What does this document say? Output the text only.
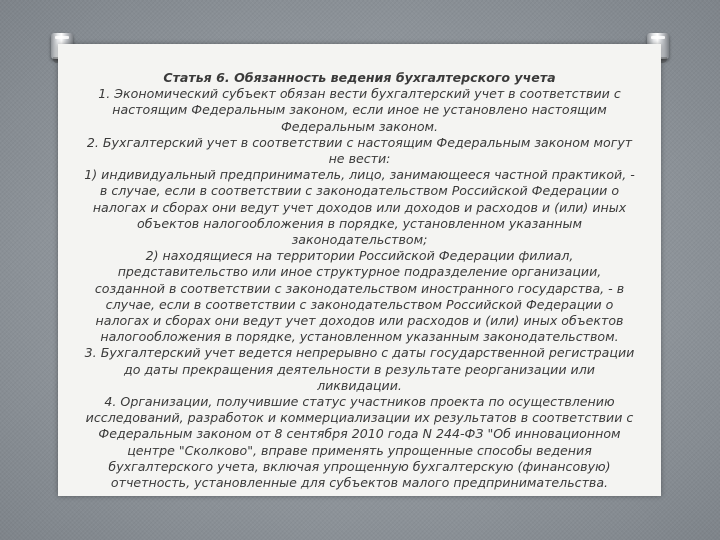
Статья 6. Обязанность ведения бухгалтерского учета

1. Экономический субъект обязан вести бухгалтерский учет в соответствии с настоящим Федеральным законом, если иное не установлено настоящим Федеральным законом.

2. Бухгалтерский учет в соответствии с настоящим Федеральным законом могут не вести:

1) индивидуальный предприниматель, лицо, занимающееся частной практикой, - в случае, если в соответствии с законодательством Российской Федерации о налогах и сборах они ведут учет доходов или доходов и расходов и (или) иных объектов налогообложения в порядке, установленном указанным законодательством;

2) находящиеся на территории Российской Федерации филиал, представительство или иное структурное подразделение организации, созданной в соответствии с законодательством иностранного государства, - в случае, если в соответствии с законодательством Российской Федерации о налогах и сборах они ведут учет доходов или расходов и (или) иных объектов налогообложения в порядке, установленном указанным законодательством.

3. Бухгалтерский учет ведется непрерывно с даты государственной регистрации до даты прекращения деятельности в результате реорганизации или ликвидации.

4. Организации, получившие статус участников проекта по осуществлению исследований, разработок и коммерциализации их результатов в соответствии с Федеральным законом от 8 сентября 2010 года N 244-ФЗ "Об инновационном центре "Сколково", вправе применять упрощенные способы ведения бухгалтерского учета, включая упрощенную бухгалтерскую (финансовую) отчетность, установленные для субъектов малого предпринимательства.
